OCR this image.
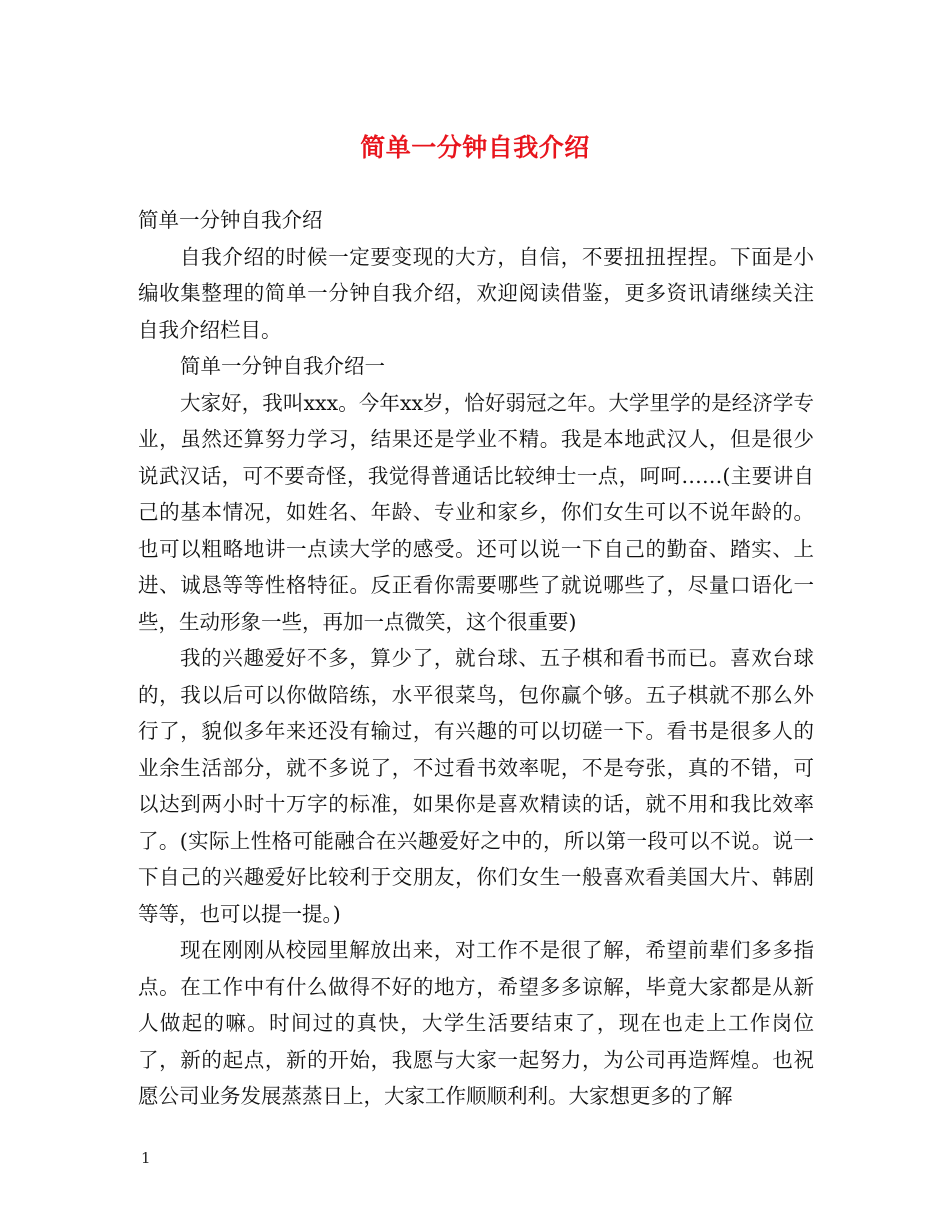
简单一分钟自我介绍

简单一分钟自我介绍

自我介绍的时候一定要变现的大方，自信，不要扭扭捏捏。下面是小编收集整理的简单一分钟自我介绍，欢迎阅读借鉴，更多资讯请继续关注自我介绍栏目。

简单一分钟自我介绍一

大家好，我叫xxx。今年xx岁，恰好弱冠之年。大学里学的是经济学专业，虽然还算努力学习，结果还是学业不精。我是本地武汉人，但是很少说武汉话，可不要奇怪，我觉得普通话比较绅士一点，呵呵……(主要讲自己的基本情况，如姓名、年龄、专业和家乡，你们女生可以不说年龄的。也可以粗略地讲一点读大学的感受。还可以说一下自己的勤奋、踏实、上进、诚恳等等性格特征。反正看你需要哪些了就说哪些了，尽量口语化一些，生动形象一些，再加一点微笑，这个很重要)

我的兴趣爱好不多，算少了，就台球、五子棋和看书而已。喜欢台球的，我以后可以你做陪练，水平很菜鸟，包你赢个够。五子棋就不那么外行了，貌似多年来还没有输过，有兴趣的可以切磋一下。看书是很多人的业余生活部分，就不多说了，不过看书效率呢，不是夸张，真的不错，可以达到两小时十万字的标准，如果你是喜欢精读的话，就不用和我比效率了。(实际上性格可能融合在兴趣爱好之中的，所以第一段可以不说。说一下自己的兴趣爱好比较利于交朋友，你们女生一般喜欢看美国大片、韩剧等等，也可以提一提。)

现在刚刚从校园里解放出来，对工作不是很了解，希望前辈们多多指点。在工作中有什么做得不好的地方，希望多多谅解，毕竟大家都是从新人做起的嘛。时间过的真快，大学生活要结束了，现在也走上工作岗位了，新的起点，新的开始，我愿与大家一起努力，为公司再造辉煌。也祝愿公司业务发展蒸蒸日上，大家工作顺顺利利。大家想更多的了解

1
